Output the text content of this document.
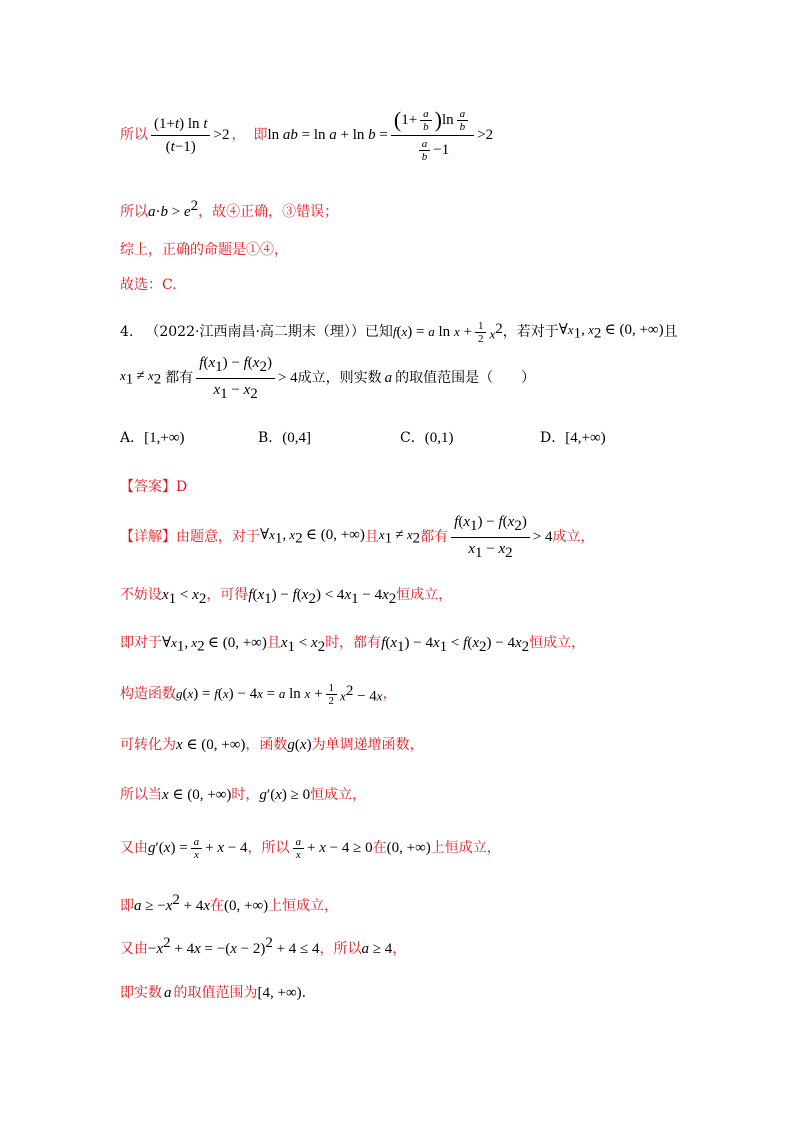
所以 $\frac{\text{(1+t) ln t}}{(t-1)} > 2$ ， 即 ln ab = $\ln a + \ln b = \frac{( 1+ \frac{a}{b} ) \ln \frac{a}{b}}{\frac{a}{b} -1} > 2$
所以$a\cdot b > e^2$，故④正确，③错误；
综上，正确的命题是①④，
故选：C.
4. （2022·江西南昌·高二期末（理））已知 f(x) = a $\ln x + \frac{1}{2} x^2$ ，若对于 $\forall x_1$, $x_2$ ∈ (0, +∞) 且
$x_1 \ne x_2$ 都有 $\frac{f(x_1) - f(x_2)}{x_1 - x_2} > 4$ 成立，则实数 a 的取值范围是（　　）
A．[1,+∞)	B．(0,4]	C．(0,1)	D．[4,+∞)
【答案】D
【详解】 由题意，对于 $\forall x_1$, $x_2$ ∈ (0, +∞) 且 $x_1 \ne x_2$ 都有 $\frac{f(x_1) - f(x_2)}{x_1 - x_2} > 4$ 成立，
不妨设$x_1 < x_2$，可得$f(x_1) - f(x_2) < 4x_1 - 4x_2$恒成立，
即对于$\forall x_1$, $x_2$ ∈ (0, +∞)且$x_1 < x_2$时，都有$f(x_1) - 4x_1 < f(x_2) - 4x_2$恒成立，
构造函数 g(x) = f(x) − 4x = a $\ln x + \frac{1}{2} x^2 - 4x$ ，
可转化为x ∈ (0, +∞)，函数g(x)为单调递增函数，
所以当x ∈ (0, +∞)时，g′(x) ≥ 0恒成立，
又由 $g'(x) = \frac{a}{x} + x - 4$ ，所以 $\frac{a}{x} + x - 4 \ge 0$ 在 (0, +∞) 上恒成立，
即$a \ge -x^2 + 4x$在(0, +∞)上恒成立，
又由$-x^2 + 4x = -(x - 2)^2 + 4 \le 4$，所以a ≥ 4，
即实数 a 的取值范围为[4, +∞).
